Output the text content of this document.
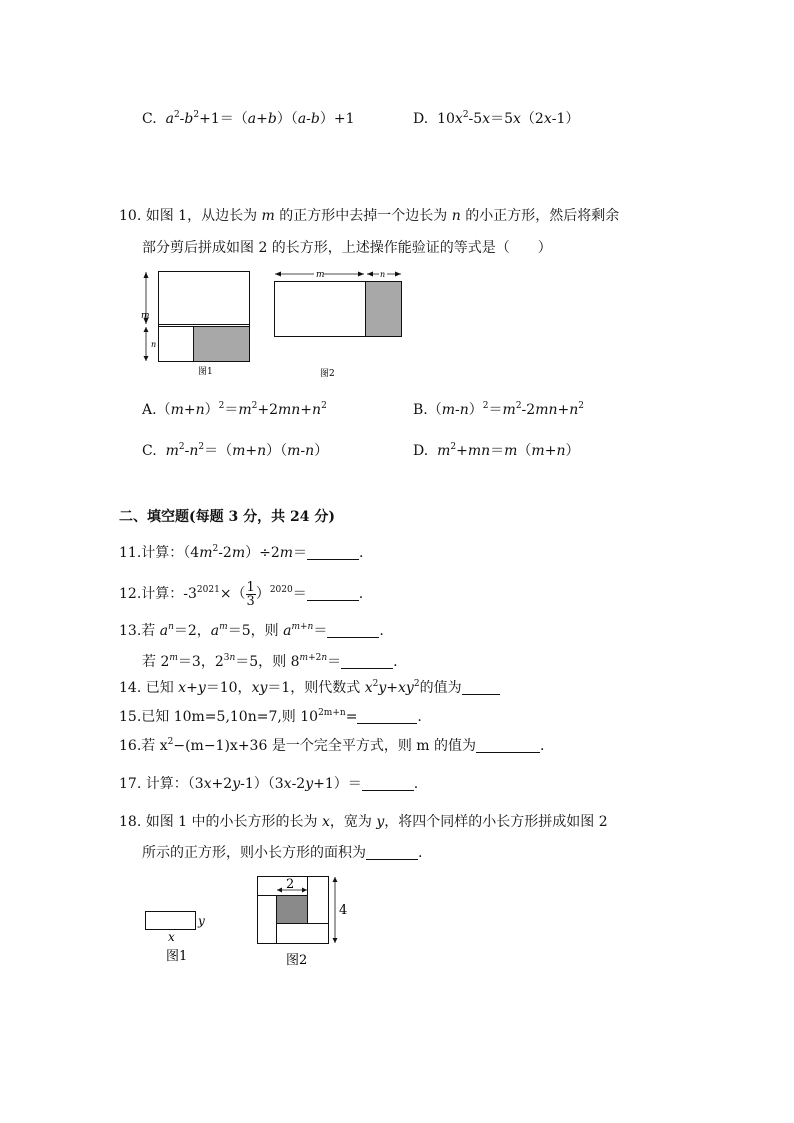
C. $a^2-b^2+1=(a+b)(a-b)+1$	D.  $10x^2-5x=5x(2x-1)$
10. 如图 1，从边长为 m 的正方形中去掉一个边长为 n 的小正方形，然后将剩余
部分剪后拼成如图 2 的长方形，上述操作能验证的等式是（　　）
m
n
图1
m	n
图2
$A.(m+n)^2=m^2+2mn+n^2$	$B.(m-n)^2=m^2-2mn+n^2$
C. $m^2-n^2=(m+n)(m-n)$	D. $m^2+mn=m(m+n)$
二、填空题(每题 3 分，共 24 分)
11.计算：$(4m^2-2m)\div 2m=$	.
12.计算：$-3^{2021}\times( \frac{1}{3} )^{2020}=$	.
13.若 $a^n=2$，$a^m=5$，则 $a^{m+n}=$	.
若 $2^m=3$，$2^{3n}=5$，则 $8^{m+2n}=$	.
14. 已知 x+y＝10，xy＝1，则代数式 $x^2y+xy^2$的值为
15.已知 10m=5,10n=7,则 $10^{2m+n}=$	.
16.若 $x^2-(m-1)x+36$ 是一个完全平方式，则 m 的值为	.
17. 计算：（3x+2y-1）（3x-2y+1）＝	.
18. 如图 1 中的小长方形的长为 x，宽为 y，将四个同样的小长方形拼成如图 2
所示的正方形，则小长方形的面积为	.
y
x
图1
2
4
图2
